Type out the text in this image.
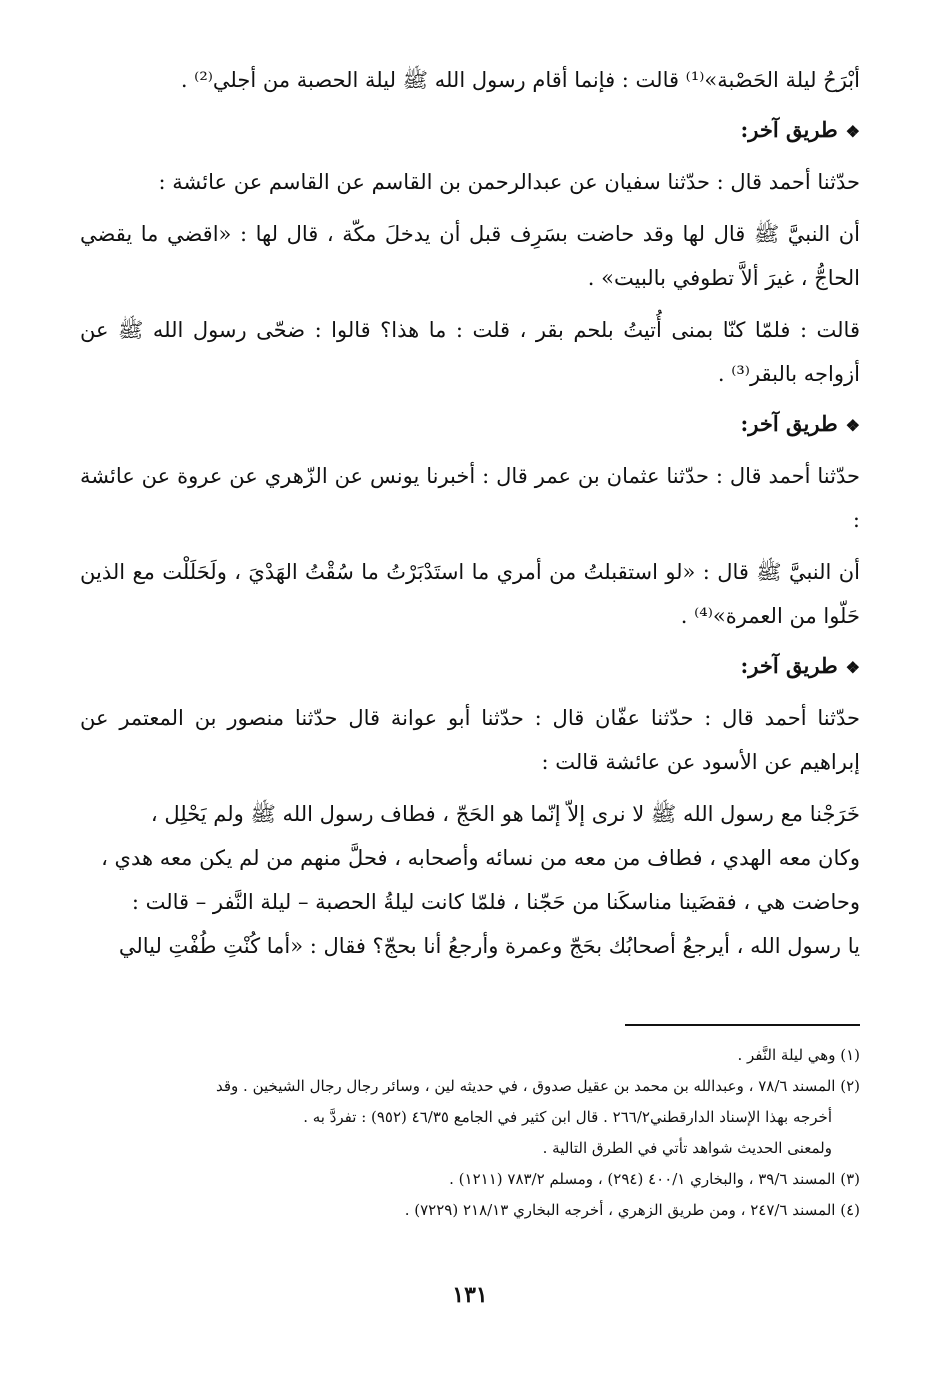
أبْرَحُ ليلة الحَصْبة»⁽¹⁾ قالت : فإنما أقام رسول الله ﷺ ليلة الحصبة من أجلي⁽²⁾ .
❖طريق آخر:
حدّثنا أحمد قال : حدّثنا سفيان عن عبدالرحمن بن القاسم عن القاسم عن عائشة :
أن النبيَّ ﷺ قال لها وقد حاضت بسَرِف قبل أن يدخلَ مكّة ، قال لها : «اقضي ما يقضي الحاجُّ ، غيرَ ألاَّ تطوفي بالبيت» .
قالت : فلمّا كنّا بمنى أُتيتُ بلحم بقر ، قلت : ما هذا؟ قالوا : ضحّى رسول الله ﷺ عن أزواجه بالبقر⁽³⁾ .
❖طريق آخر:
حدّثنا أحمد قال : حدّثنا عثمان بن عمر قال : أخبرنا يونس عن الزّهري عن عروة عن عائشة :
أن النبيَّ ﷺ قال : «لو استقبلتُ من أمري ما استَدْبَرْتُ ما سُقْتُ الهَدْيَ ، ولَحَلَلْت مع الذين حَلّوا من العمرة»⁽⁴⁾ .
❖طريق آخر:
حدّثنا أحمد قال : حدّثنا عفّان قال : حدّثنا أبو عوانة قال حدّثنا منصور بن المعتمر عن إبراهيم عن الأسود عن عائشة قالت :
خَرَجْنا مع رسول الله ﷺ لا نرى إلاّ إنّما هو الحَجّ ، فطاف رسول الله ﷺ ولم يَحْلِل ،
وكان معه الهدي ، فطاف من معه من نسائه وأصحابه ، فحلَّ منهم من لم يكن معه هدي ،
وحاضت هي ، فقضَينا مناسكَنا من حَجّنا ، فلمّا كانت ليلةُ الحصبة – ليلة النَّفر – قالت :
يا رسول الله ، أيرجعُ أصحابُك بحَجّ وعمرة وأرجعُ أنا بحجّ؟ فقال : «أما كُنْتِ طُفْتِ ليالي
(١) وهي ليلة النَّفر .
(٢) المسند ٧٨/٦ ، وعبدالله بن محمد بن عقيل صدوق ، في حديثه لين ، وسائر رجال رجال الشيخين . وقد
أخرجه بهذا الإسناد الدارقطني٢٦٦/٢ . قال ابن كثير في الجامع ٤٦/٣٥ (٩٥٢) : تفردَّ به .
ولمعنى الحديث شواهد تأتي في الطرق التالية .
(٣) المسند ٣٩/٦ ، والبخاري ٤٠٠/١ (٢٩٤) ، ومسلم ٧٨٣/٢ (١٢١١) .
(٤) المسند ٢٤٧/٦ ، ومن طريق الزهري ، أخرجه البخاري ٢١٨/١٣ (٧٢٢٩) .
١٣١
